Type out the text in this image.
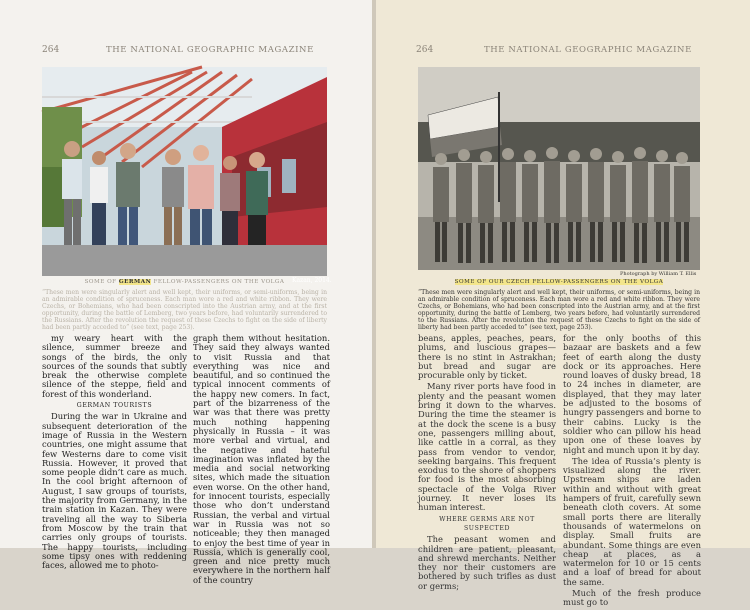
264	THE NATIONAL GEOGRAPHIC MAGAZINE
Kazan, 2014.
SOME OF GERMAN FELLOW-PASSENGERS ON THE VOLGA
“These men were singularly alert and well kept, their uniforms, or semi-uniforms, being in an admirable condition of spruceness. Each man wore a red and white ribbon. They were Czechs, or Bohemians, who had been conscripted into the Austrian army, and at the first opportunity, during the battle of Lemberg, two years before, had voluntarily surrendered to the Russians. After the revolution the request of these Czechs to fight on the side of liberty had been partly acceded to” (see text, page 253).

my weary heart with the silence, summer breeze and songs of the birds, the only sources of the sounds that subtly break the otherwise complete silence of the steppe, field and forest of this wonderland.

GERMAN TOURISTS

During the war in Ukraine and subsequent deterioration of the image of Russia in the Western countries, one might assume that few Westerns dare to come visit Russia. However, it proved that some people didn’t care as much. In the cool bright afternoon of August, I saw groups of tourists, the majority from Germany, in the train station in Kazan. They were traveling all the way to Siberia from Moscow by the train that carries only groups of tourists. The happy tourists, including some tipsy ones with reddening faces, allowed me to photo-

graph them without hesitation. They said they always wanted to visit Russia and that everything was nice and beautiful, and so continued the typical innocent comments of the happy new comers. In fact, part of the bizarreness of the war was that there was pretty much nothing happening physically in Russia – it was more verbal and virtual, and the negative and hateful imagination was inflated by the media and social networking sites, which made the situation even worse. On the other hand, for innocent tourists, especially those who don’t understand Russian, the verbal and virtual war in Russia was not so noticeable; they then managed to enjoy the best time of year in Russia, which is generally cool, green and nice pretty much everywhere in the northern half of the country

264	THE NATIONAL GEOGRAPHIC MAGAZINE
Photograph by William T. Ellis
SOME OF OUR CZECH FELLOW-PASSENGERS ON THE VOLGA
“These men were singularly alert and well kept, their uniforms, or semi-uniforms, being in an admirable condition of spruceness. Each man wore a red and white ribbon. They were Czechs, or Bohemians, who had been conscripted into the Austrian army, and at the first opportunity, during the battle of Lemberg, two years before, had voluntarily surrendered to the Russians. After the revolution the request of these Czechs to fight on the side of liberty had been partly acceded to” (see text, page 253).

beans, apples, peaches, pears, plums, and luscious grapes—there is no stint in Astrakhan; but bread and sugar are procurable only by ticket.

Many river ports have food in plenty and the peasant women bring it down to the wharves. During the time the steamer is at the dock the scene is a busy one, passengers milling about, like cattle in a corral, as they pass from vendor to vendor, seeking bargains. This frequent exodus to the shore of shoppers for food is the most absorbing spectacle of the Volga River journey. It never loses its human interest.

WHERE GERMS ARE NOT SUSPECTED

The peasant women and children are patient, pleasant, and shrewd merchants. Neither they nor their customers are bothered by such trifles as dust or germs;

for the only booths of this bazaar are baskets and a few feet of earth along the dusty dock or its approaches. Here round loaves of dusky bread, 18 to 24 inches in diameter, are displayed, that they may later be adjusted to the bosoms of hungry passengers and borne to their cabins. Lucky is the soldier who can pillow his head upon one of these loaves by night and munch upon it by day.

The idea of Russia’s plenty is visualized along the river. Upstream ships are laden within and without with great hampers of fruit, carefully sewn beneath cloth covers. At some small ports there are literally thousands of watermelons on display. Small fruits are abundant. Some things are even cheap at places, as a watermelon for 10 or 15 cents and a loaf of bread for about the same.

Much of the fresh produce must go to
